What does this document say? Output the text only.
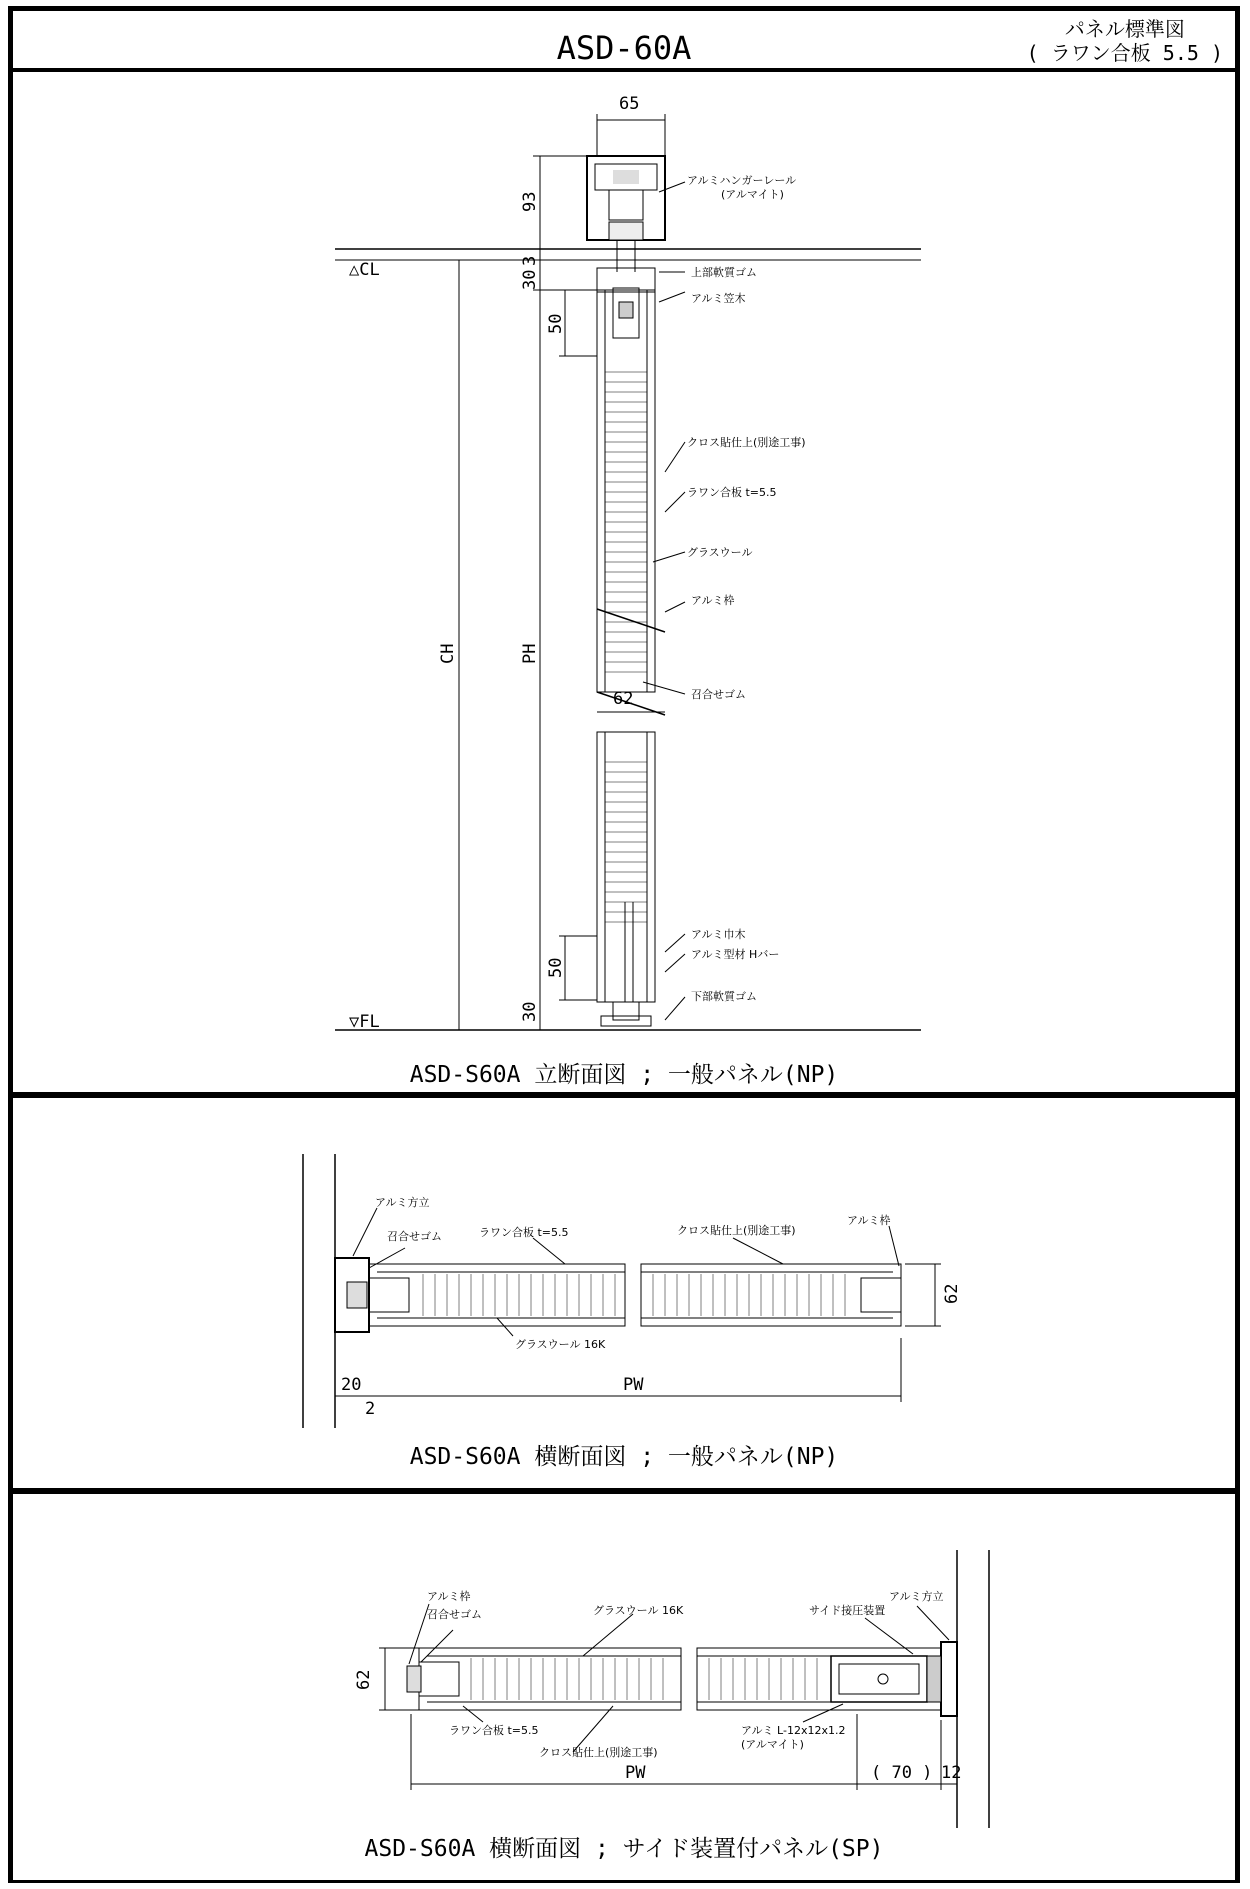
ASD-60A	パネル標準図
( ラワン合板 5.5 )
65
93
3
30
50
62
50
30
CH	PH
△CL
▽FL
アルミハンガーレール
(アルマイト)
上部軟質ゴム
アルミ笠木
クロス貼仕上(別途工事)
ラワン合板 t=5.5
グラスウール
アルミ枠
召合せゴム
アルミ巾木
アルミ型材 Hバー
下部軟質ゴム
ASD-S60A 立断面図 ; 一般パネル(NP)
20
2
PW
62
アルミ方立
召合せゴム	ラワン合板 t=5.5	クロス貼仕上(別途工事)
アルミ枠
グラスウール 16K
ASD-S60A 横断面図 ; 一般パネル(NP)
62
PW	( 70 ) 12
アルミ枠
召合せゴム	グラスウール 16K	サイド接圧装置
アルミ方立
ラワン合板 t=5.5
クロス貼仕上(別途工事)
アルミ L-12x12x1.2
(アルマイト)
ASD-S60A 横断面図 ; サイド装置付パネル(SP)
